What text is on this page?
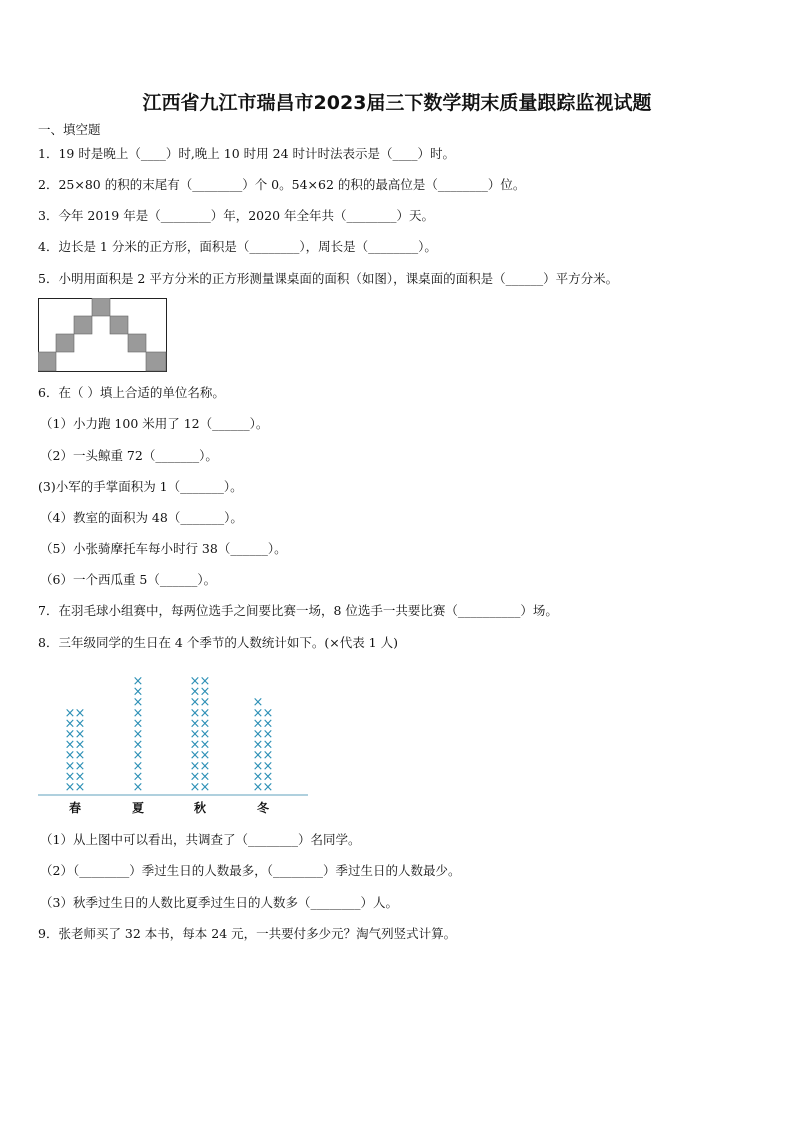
江西省九江市瑞昌市2023届三下数学期末质量跟踪监视试题
一、填空题
1．19 时是晚上（____）时,晚上 10 时用 24 时计时法表示是（____）时。
2．25×80 的积的末尾有（________）个 0。54×62 的积的最高位是（________）位。
3．今年 2019 年是（________）年，2020 年全年共（________）天。
4．边长是 1 分米的正方形，面积是（________），周长是（________）。
5．小明用面积是 2 平方分米的正方形测量课桌面的面积（如图），课桌面的面积是（______）平方分米。
6．在（ ）填上合适的单位名称。
（1）小力跑 100 米用了 12（______）。
（2）一头鲸重 72（_______）。
(3)小军的手掌面积为 1（_______）。
（4）教室的面积为 48（_______）。
（5）小张骑摩托车每小时行 38（______）。
（6）一个西瓜重 5（______）。
7．在羽毛球小组赛中，每两位选手之间要比赛一场，8 位选手一共要比赛（__________）场。
8．三年级同学的生日在 4 个季节的人数统计如下。(×代表 1 人)
×
×
×
×
×
×
×
×
×
×
×
×
×
×
×
×
春
×
×
×
×
×
×
×
×
×
×
×
夏
×
×
×
×
×
×
×
×
×
×
×
×
×
×
×
×
×
×
×
×
×
×
秋
×
×
×
×
×
×
×
×
×
×
×
×
×
×
×
×
×
冬
（1）从上图中可以看出，共调查了（________）名同学。
（2）（________）季过生日的人数最多，（________）季过生日的人数最少。
（3）秋季过生日的人数比夏季过生日的人数多（________）人。
9．张老师买了 32 本书，每本 24 元，一共要付多少元？淘气列竖式计算。
